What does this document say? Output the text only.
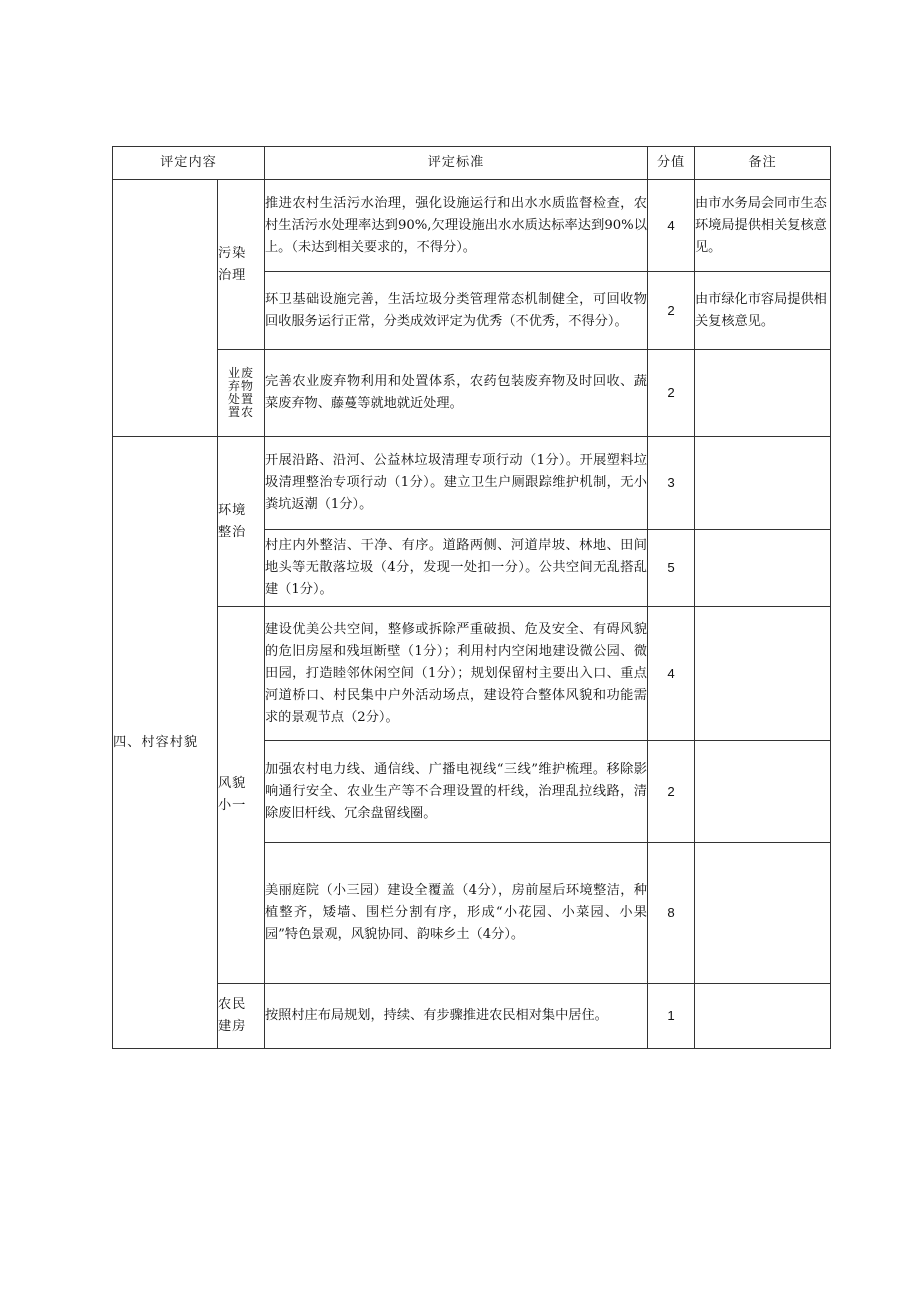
评定内容		评定标准	分值	备注
	污染治理	推进农村生活污水治理，强化设施运行和出水水质监督检查，农村生活污水处理率达到90%,欠理设施出水水质达标率达到90%以上。（未达到相关要求的，不得分）。	4	由市水务局会同市生态环境局提供相关复核意见。
		环卫基础设施完善，生活垃圾分类管理常态机制健全，可回收物回收服务运行正常，分类成效评定为优秀（不优秀，不得分）。	2	由市绿化市容局提供相关复核意见。
	业废弃物处置置农	完善农业废弃物利用和处置体系，农药包装废弃物及时回收、蔬菜废弃物、藤蔓等就地就近处理。	2	
四、村容村貌	环境整治	开展沿路、沿河、公益林垃圾清理专项行动（1分）。开展塑料垃圾清理整治专项行动（1分）。建立卫生户厕跟踪维护机制，无小粪坑返潮（1分）。	3	
		村庄内外整洁、干净、有序。道路两侧、河道岸坡、林地、田间地头等无散落垃圾（4分，发现一处扣一分）。公共空间无乱搭乱建（1分）。	5	
	风貌小一	建设优美公共空间，整修或拆除严重破损、危及安全、有碍风貌的危旧房屋和残垣断壁（1分）；利用村内空闲地建设微公园、微田园，打造睦邻休闲空间（1分）；规划保留村主要出入口、重点河道桥口、村民集中户外活动场点，建设符合整体风貌和功能需求的景观节点（2分）。	4	
		加强农村电力线、通信线、广播电视线“三线”维护梳理。移除影响通行安全、农业生产等不合理设置的杆线，治理乱拉线路，清除废旧杆线、冗余盘留线圈。	2	
		美丽庭院（小三园）建设全覆盖（4分），房前屋后环境整洁，种植整齐，矮墙、围栏分割有序，形成“小花园、小菜园、小果园”特色景观，风貌协同、韵味乡土（4分）。	8	
	农民建房	按照村庄布局规划，持续、有步骤推进农民相对集中居住。	1	
